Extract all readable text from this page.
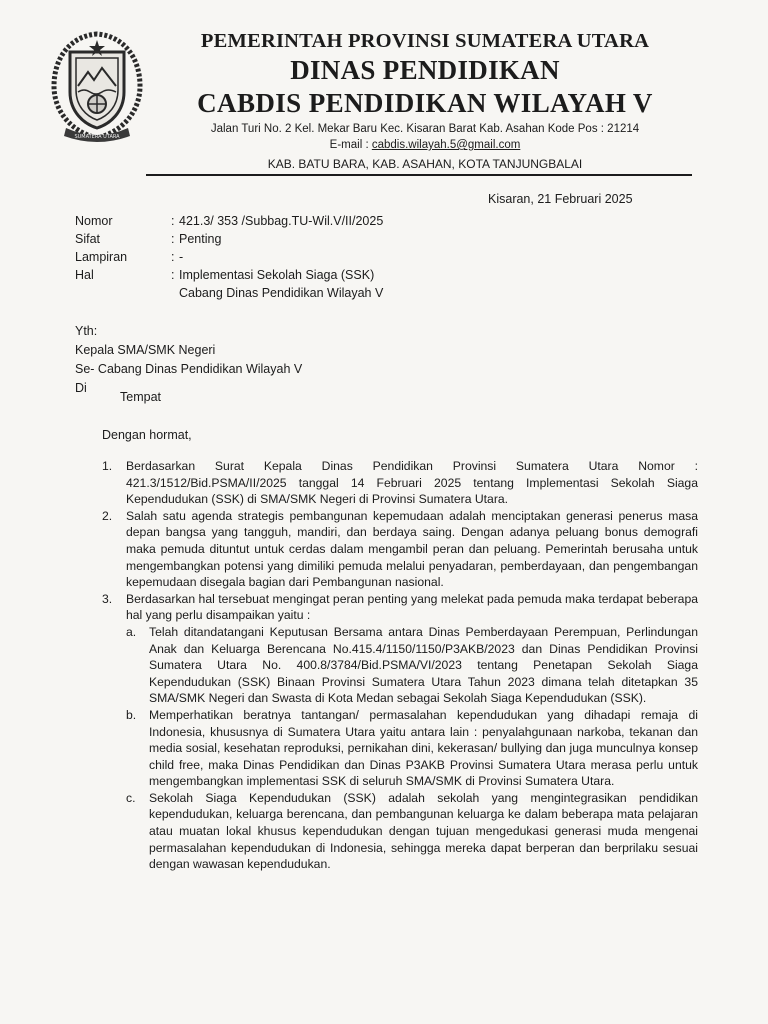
SUMATERA UTARA
PEMERINTAH PROVINSI SUMATERA UTARA
DINAS PENDIDIKAN
CABDIS PENDIDIKAN WILAYAH V
Jalan Turi No. 2 Kel. Mekar Baru Kec. Kisaran Barat Kab. Asahan Kode Pos : 21214
E-mail : cabdis.wilayah.5@gmail.com
KAB. BATU BARA, KAB. ASAHAN, KOTA TANJUNGBALAI
Kisaran, 21 Februari 2025
Nomor	: 421.3/ 353 /Subbag.TU-Wil.V/II/2025
Sifat	: Penting
Lampiran	: -
Hal	: Implementasi Sekolah Siaga (SSK)
Cabang Dinas Pendidikan Wilayah V
Yth:
Kepala SMA/SMK Negeri
Se- Cabang Dinas Pendidikan Wilayah V
Di
Tempat
Dengan hormat,
1.	Berdasarkan Surat Kepala Dinas Pendidikan Provinsi Sumatera Utara Nomor : 421.3/1512/Bid.PSMA/II/2025 tanggal 14 Februari 2025 tentang Implementasi Sekolah Siaga Kependudukan (SSK) di SMA/SMK Negeri di Provinsi Sumatera Utara.
2.	Salah satu agenda strategis pembangunan kepemudaan adalah menciptakan generasi penerus masa depan bangsa yang tangguh, mandiri, dan berdaya saing. Dengan adanya peluang bonus demografi maka pemuda dituntut untuk cerdas dalam mengambil peran dan peluang. Pemerintah berusaha untuk mengembangkan potensi yang dimiliki pemuda melalui penyadaran, pemberdayaan, dan pengembangan kepemudaan disegala bagian dari Pembangunan nasional.
3.	Berdasarkan hal tersebuat mengingat peran penting yang melekat pada pemuda maka terdapat beberapa hal yang perlu disampaikan yaitu :
a.	Telah ditandatangani Keputusan Bersama antara Dinas Pemberdayaan Perempuan, Perlindungan Anak dan Keluarga Berencana No.415.4/1150/1150/P3AKB/2023 dan Dinas Pendidikan Provinsi Sumatera Utara No. 400.8/3784/Bid.PSMA/VI/2023 tentang Penetapan Sekolah Siaga Kependudukan (SSK) Binaan Provinsi Sumatera Utara Tahun 2023 dimana telah ditetapkan 35 SMA/SMK Negeri dan Swasta di Kota Medan sebagai Sekolah Siaga Kependudukan (SSK).
b.	Memperhatikan beratnya tantangan/ permasalahan kependudukan yang dihadapi remaja di Indonesia, khususnya di Sumatera Utara yaitu antara lain : penyalahgunaan narkoba, tekanan dan media sosial, kesehatan reproduksi, pernikahan dini, kekerasan/ bullying dan juga munculnya konsep child free, maka Dinas Pendidikan dan Dinas P3AKB Provinsi Sumatera Utara merasa perlu untuk mengembangkan implementasi SSK di seluruh SMA/SMK di Provinsi Sumatera Utara.
c.	Sekolah Siaga Kependudukan (SSK) adalah sekolah yang mengintegrasikan pendidikan kependudukan, keluarga berencana, dan pembangunan keluarga ke dalam beberapa mata pelajaran atau muatan lokal khusus kependudukan dengan tujuan mengedukasi generasi muda mengenai permasalahan kependudukan di Indonesia, sehingga mereka dapat berperan dan berprilaku sesuai dengan wawasan kependudukan.
